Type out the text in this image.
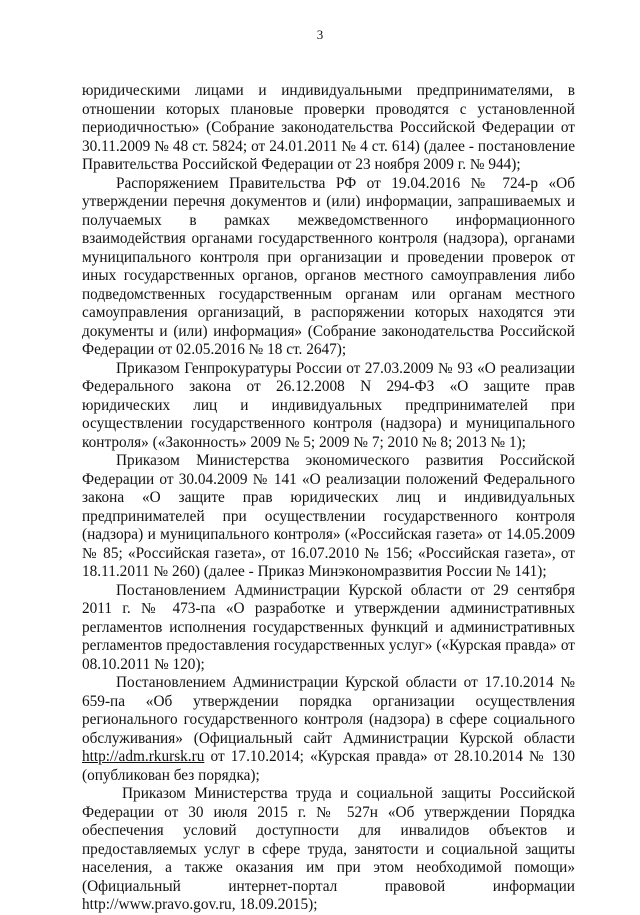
3

юридическими лицами и индивидуальными предпринимателями, в отношении которых плановые проверки проводятся с установленной периодичностью» (Собрание законодательства Российской Федерации от 30.11.2009 № 48 ст. 5824; от 24.01.2011 № 4 ст. 614) (далее - постановление Правительства Российской Федерации от 23 ноября 2009 г. № 944);

Распоряжением Правительства РФ от 19.04.2016 № 724-р «Об утверждении перечня документов и (или) информации, запрашиваемых и получаемых в рамках межведомственного информационного взаимодействия органами государственного контроля (надзора), органами муниципального контроля при организации и проведении проверок от иных государственных органов, органов местного самоуправления либо подведомственных государственным органам или органам местного самоуправления организаций, в распоряжении которых находятся эти документы и (или) информация» (Собрание законодательства Российской Федерации от 02.05.2016 № 18 ст. 2647);

Приказом Генпрокуратуры России от 27.03.2009 № 93 «О реализации Федерального закона от 26.12.2008 N 294-ФЗ «О защите прав юридических лиц и индивидуальных предпринимателей при осуществлении государственного контроля (надзора) и муниципального контроля» («Законность» 2009 № 5; 2009 № 7; 2010 № 8; 2013 № 1);

Приказом Министерства экономического развития Российской Федерации от 30.04.2009 № 141 «О реализации положений Федерального закона «О защите прав юридических лиц и индивидуальных предпринимателей при осуществлении государственного контроля (надзора) и муниципального контроля» («Российская газета» от 14.05.2009 № 85; «Российская газета», от 16.07.2010 № 156; «Российская газета», от 18.11.2011 № 260) (далее - Приказ Минэкономразвития России № 141);

Постановлением Администрации Курской области от 29 сентября 2011 г. № 473-па «О разработке и утверждении административных регламентов исполнения государственных функций и административных регламентов предоставления государственных услуг» («Курская правда» от 08.10.2011 № 120);

Постановлением Администрации Курской области от 17.10.2014 № 659-па «Об утверждении порядка организации осуществления регионального государственного контроля (надзора) в сфере социального обслуживания» (Официальный сайт Администрации Курской области http://adm.rkursk.ru от 17.10.2014; «Курская правда» от 28.10.2014 № 130 (опубликован без порядка);

Приказом Министерства труда и социальной защиты Российской Федерации от 30 июля 2015 г. № 527н «Об утверждении Порядка обеспечения условий доступности для инвалидов объектов и предоставляемых услуг в сфере труда, занятости и социальной защиты населения, а также оказания им при этом необходимой помощи» (Официальный интернет-портал правовой информации http://www.pravo.gov.ru, 18.09.2015);
